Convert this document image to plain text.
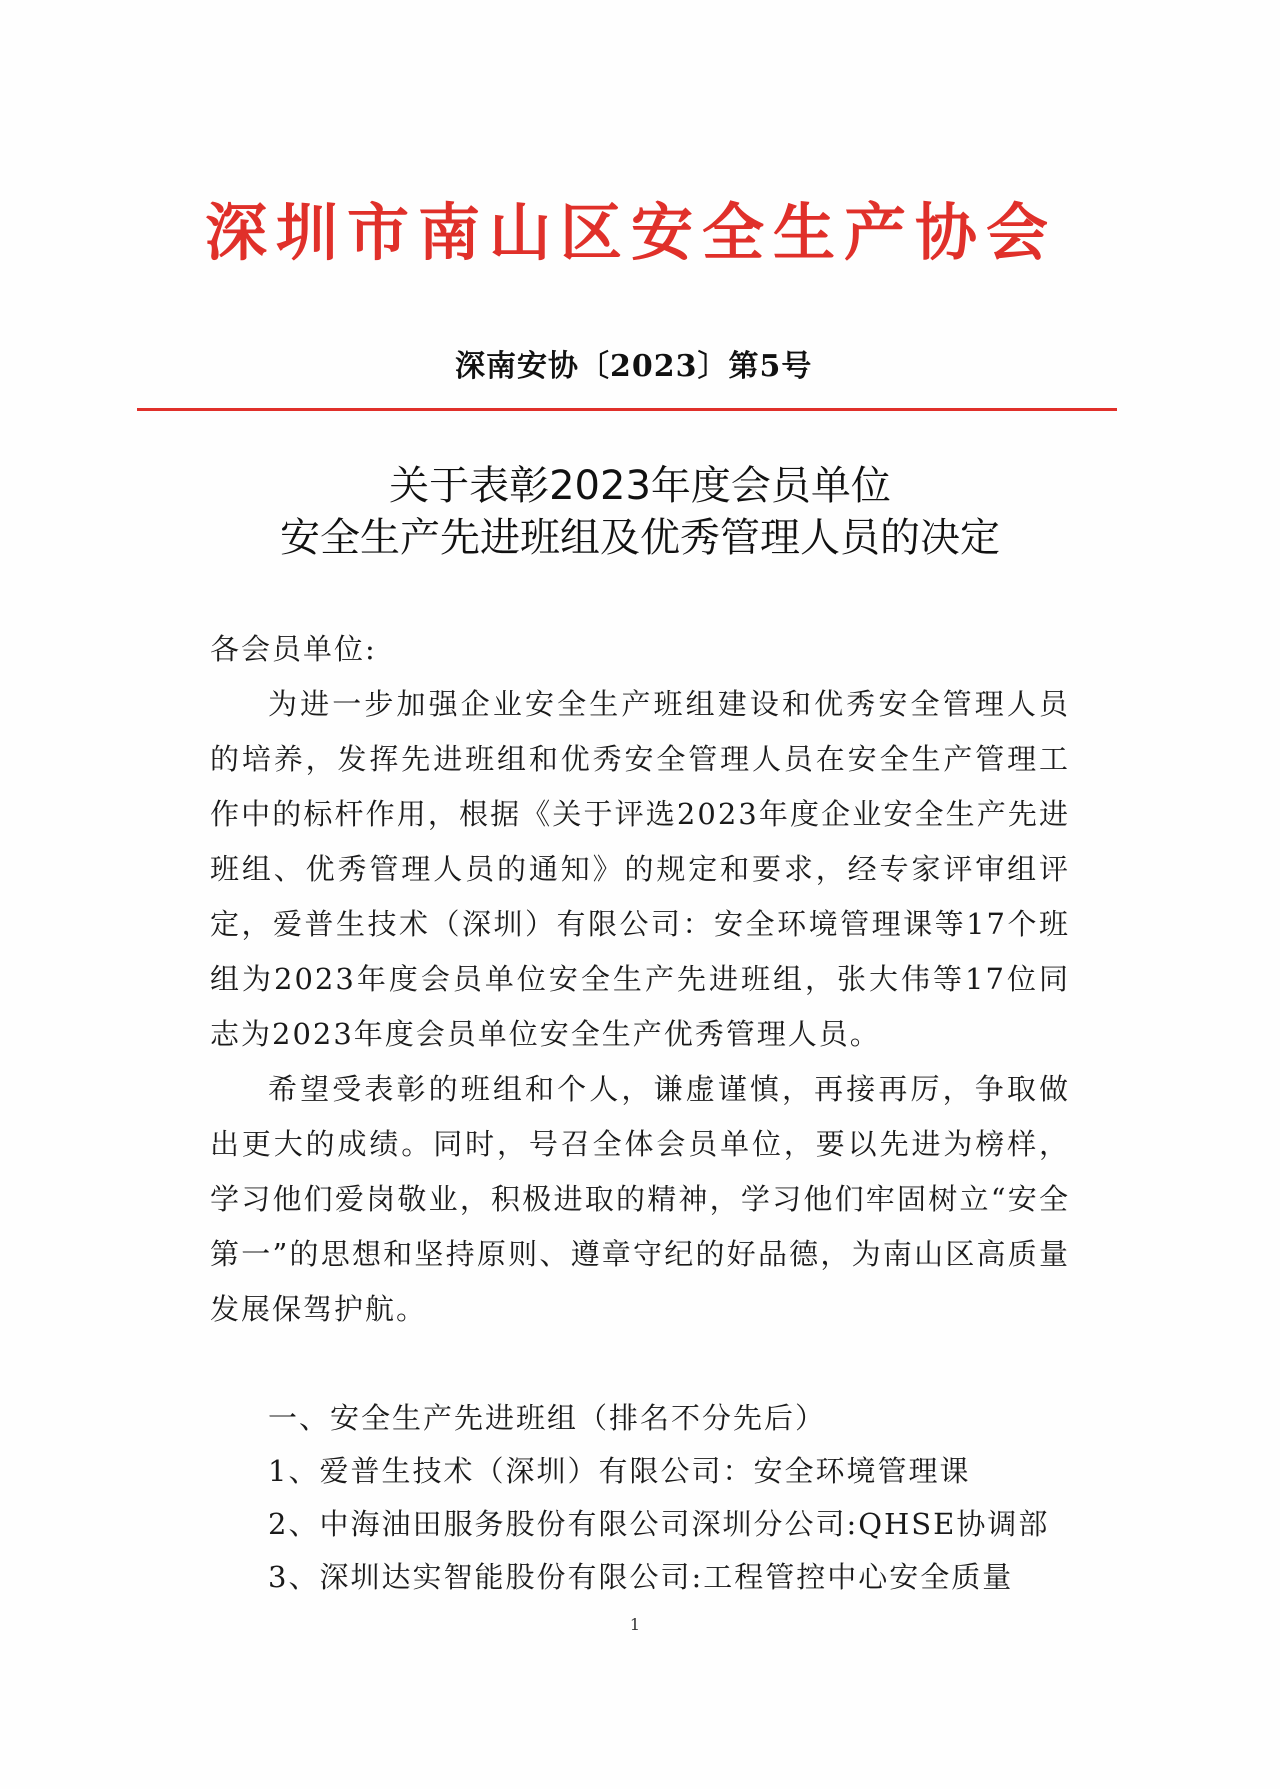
深圳市南山区安全生产协会
深南安协〔2023〕第5号
关于表彰2023年度会员单位
安全生产先进班组及优秀管理人员的决定

各会员单位:

为进一步加强企业安全生产班组建设和优秀安全管理人员的培养，发挥先进班组和优秀安全管理人员在安全生产管理工作中的标杆作用，根据《关于评选2023年度企业安全生产先进班组、优秀管理人员的通知》的规定和要求，经专家评审组评定，爱普生技术（深圳）有限公司：安全环境管理课等17个班组为2023年度会员单位安全生产先进班组，张大伟等17位同志为2023年度会员单位安全生产优秀管理人员。

希望受表彰的班组和个人，谦虚谨慎，再接再厉，争取做出更大的成绩。同时，号召全体会员单位，要以先进为榜样，学习他们爱岗敬业，积极进取的精神，学习他们牢固树立“安全第一”的思想和坚持原则、遵章守纪的好品德，为南山区高质量发展保驾护航。

一、安全生产先进班组（排名不分先后）

1、爱普生技术（深圳）有限公司：安全环境管理课

2、中海油田服务股份有限公司深圳分公司:QHSE协调部

3、深圳达实智能股份有限公司:工程管控中心安全质量

1
